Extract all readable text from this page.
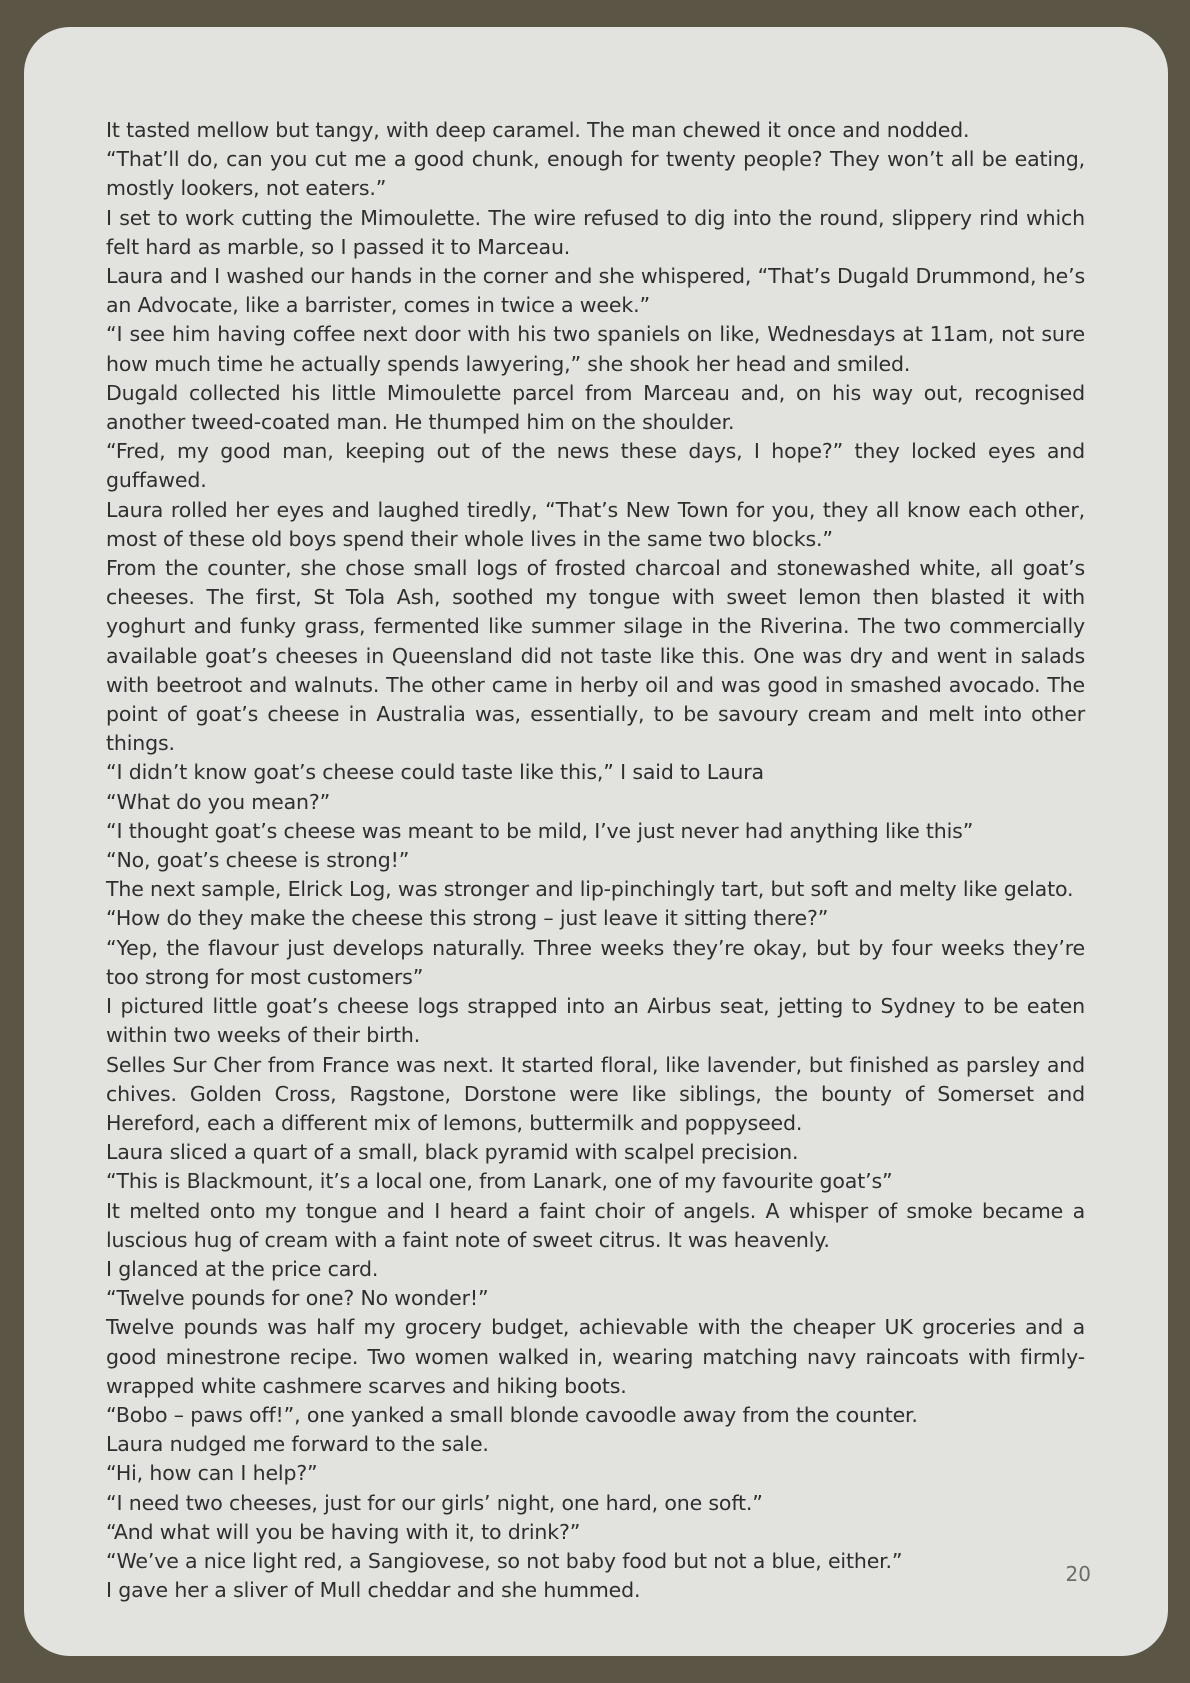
It tasted mellow but tangy, with deep caramel. The man chewed it once and nodded.

“That’ll do, can you cut me a good chunk, enough for twenty people? They won’t all be eating, mostly lookers, not eaters.”

I set to work cutting the Mimoulette. The wire refused to dig into the round, slippery rind which felt hard as marble, so I passed it to Marceau.

Laura and I washed our hands in the corner and she whispered, “That’s Dugald Drummond, he’s an Advocate, like a barrister, comes in twice a week.”

“I see him having coffee next door with his two spaniels on like, Wednesdays at 11am, not sure how much time he actually spends lawyering,” she shook her head and smiled.

Dugald collected his little Mimoulette parcel from Marceau and, on his way out, recognised another tweed-coated man. He thumped him on the shoulder.

“Fred, my good man, keeping out of the news these days, I hope?” they locked eyes and guffawed.

Laura rolled her eyes and laughed tiredly, “That’s New Town for you, they all know each other, most of these old boys spend their whole lives in the same two blocks.”

From the counter, she chose small logs of frosted charcoal and stonewashed white, all goat’s cheeses. The first, St Tola Ash, soothed my tongue with sweet lemon then blasted it with yoghurt and funky grass, fermented like summer silage in the Riverina. The two commercially available goat’s cheeses in Queensland did not taste like this. One was dry and went in salads with beetroot and walnuts. The other came in herby oil and was good in smashed avocado. The point of goat’s cheese in Australia was, essentially, to be savoury cream and melt into other things.

“I didn’t know goat’s cheese could taste like this,” I said to Laura

“What do you mean?”

“I thought goat’s cheese was meant to be mild, I’ve just never had anything like this”

“No, goat’s cheese is strong!”

The next sample, Elrick Log, was stronger and lip-pinchingly tart, but soft and melty like gelato.

“How do they make the cheese this strong – just leave it sitting there?”

“Yep, the flavour just develops naturally. Three weeks they’re okay, but by four weeks they’re too strong for most customers”

I pictured little goat’s cheese logs strapped into an Airbus seat, jetting to Sydney to be eaten within two weeks of their birth.

Selles Sur Cher from France was next. It started floral, like lavender, but finished as parsley and chives. Golden Cross, Ragstone, Dorstone were like siblings, the bounty of Somerset and Hereford, each a different mix of lemons, buttermilk and poppyseed.

Laura sliced a quart of a small, black pyramid with scalpel precision.

“This is Blackmount, it’s a local one, from Lanark, one of my favourite goat’s”

It melted onto my tongue and I heard a faint choir of angels. A whisper of smoke became a luscious hug of cream with a faint note of sweet citrus. It was heavenly.

I glanced at the price card.

“Twelve pounds for one? No wonder!”

Twelve pounds was half my grocery budget, achievable with the cheaper UK groceries and a good minestrone recipe. Two women walked in, wearing matching navy raincoats with firmly-wrapped white cashmere scarves and hiking boots.

“Bobo – paws off!”, one yanked a small blonde cavoodle away from the counter.

Laura nudged me forward to the sale.

“Hi, how can I help?”

“I need two cheeses, just for our girls’ night, one hard, one soft.”

“And what will you be having with it, to drink?”

“We’ve a nice light red, a Sangiovese, so not baby food but not a blue, either.”

I gave her a sliver of Mull cheddar and she hummed.

20
